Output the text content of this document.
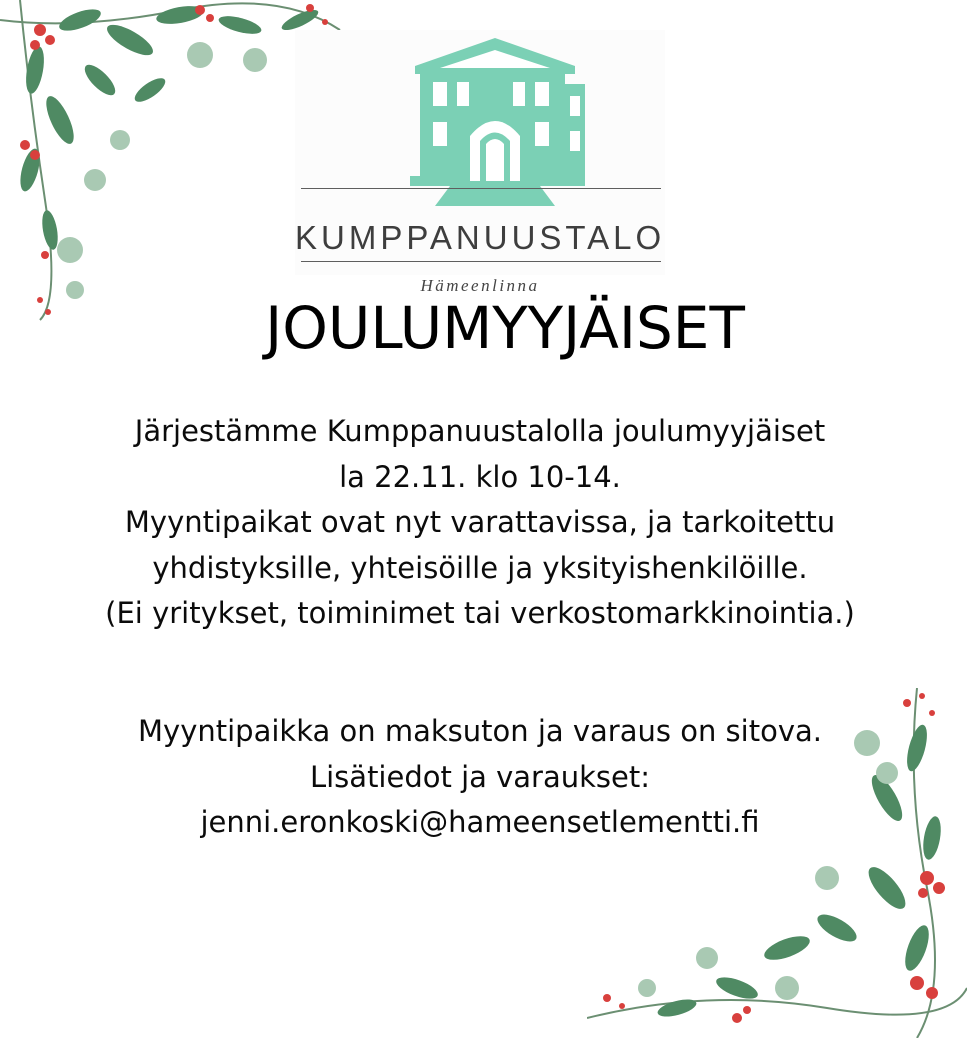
KUMPPANUUSTALO
Hämeenlinna
JOULUMYYJÄISET
Järjestämme Kumppanuustalolla joulumyyjäiset
la 22.11. klo 10-14.
Myyntipaikat ovat nyt varattavissa, ja tarkoitettu
yhdistyksille, yhteisöille ja yksityishenkilöille.
(Ei yritykset, toiminimet tai verkostomarkkinointia.)
Myyntipaikka on maksuton ja varaus on sitova.
Lisätiedot ja varaukset:
jenni.eronkoski@hameensetlementti.fi
